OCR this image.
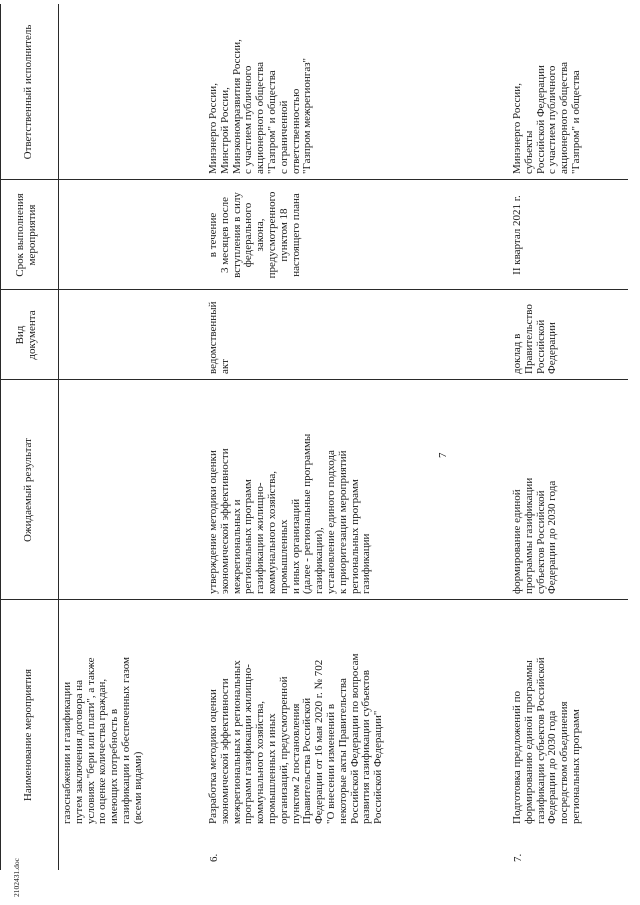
2102431.doc
7
Наименование мероприятия
Ожидаемый результат
Вид документа
Срок выполнения мероприятия
Ответственный исполнитель
газоснабжении и газификации путем заключения договора на условиях "бери или плати", а также по оценке количества граждан, имеющих потребность в газификации и обеспеченных газом (всеми видами)
6.
Разработка методики оценки экономической эффективности межрегиональных и региональных программ газификации жилищно- коммунального хозяйства, промышленных и иных организаций, предусмотренной пунктом 2 постановления Правительства Российской Федерации от 16 мая 2020 г. № 702 "О внесении изменений в некоторые акты Правительства Российской Федерации по вопросам развития газификации субъектов Российской Федерации"
утверждение методики оценки экономической эффективности межрегиональных и региональных программ газификации жилищно- коммунального хозяйства, промышленных и иных организаций (далее - региональные программы газификации), установление единого подхода к приоритезации мероприятий региональных программ газификации
ведомственный акт
в течение 3 месяцев после вступления в силу федерального закона, предусмотренного пунктом 18 настоящего плана
Минэнерго России, Минстрой России, Минэкономразвития России, с участием публичного акционерного общества "Газпром" и общества с ограниченной ответственностью "Газпром межрегионгаз"
7.
Подготовка предложений по формированию единой программы газификации субъектов Российской Федерации до 2030 года посредством объединения региональных программ
формирование единой программы газификации субъектов Российской Федерации до 2030 года
доклад в Правительство Российской Федерации
II квартал 2021 г.
Минэнерго России, субъекты Российской Федерации с участием публичного акционерного общества "Газпром" и общества
